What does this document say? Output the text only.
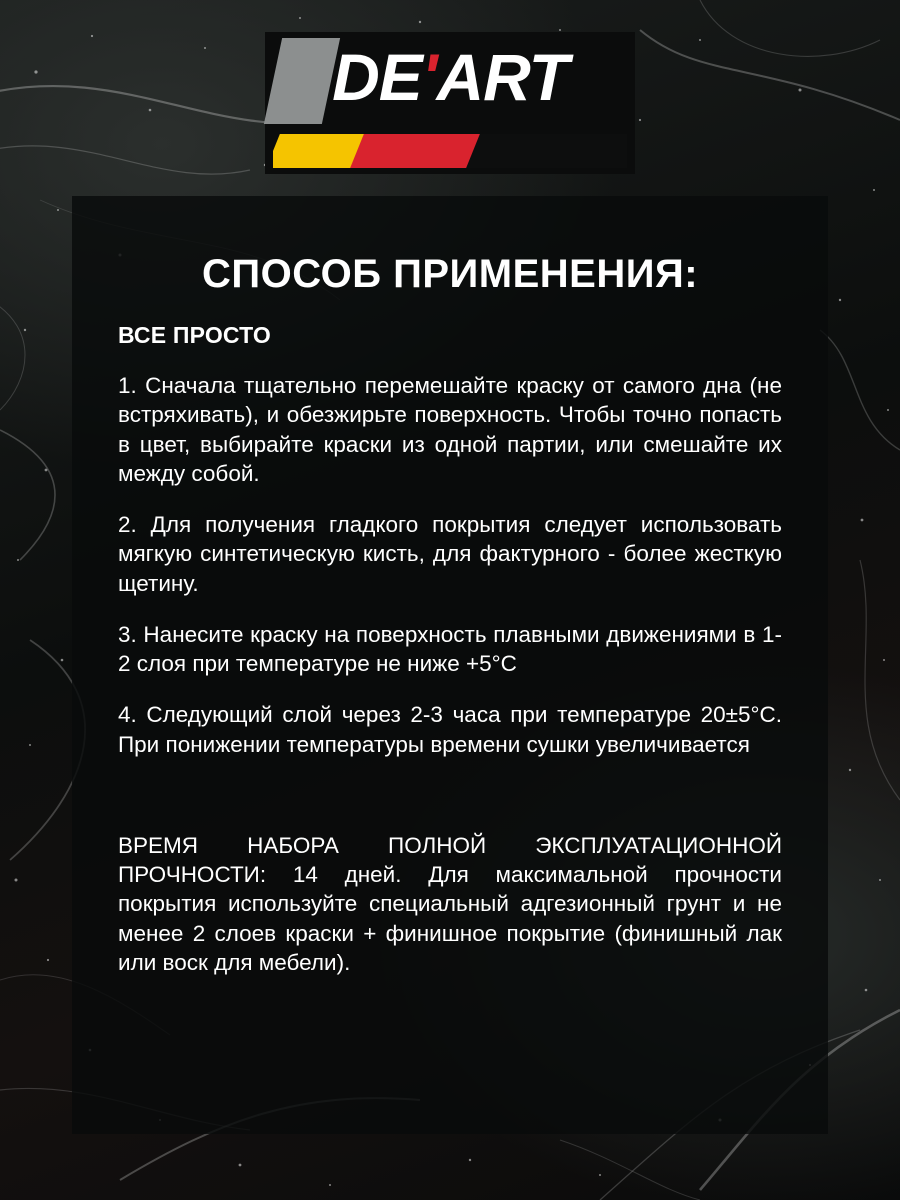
DE'ART
СПОСОБ ПРИМЕНЕНИЯ:
ВСЕ ПРОСТО

1. Сначала тщательно перемешайте краску от самого дна (не встряхивать), и обезжирьте поверхность. Чтобы точно попасть в цвет, выбирайте краски из одной партии, или смешайте их между собой.

2. Для получения гладкого покрытия следует использовать мягкую синтетическую кисть, для фактурного - более жесткую щетину.

3. Нанесите краску на поверхность плавными движениями в 1-2 слоя при температуре не ниже +5°С

4. Следующий слой через 2-3 часа при температуре 20±5°С. При понижении температуры времени сушки увеличивается

ВРЕМЯ НАБОРА ПОЛНОЙ ЭКСПЛУАТАЦИОННОЙ ПРОЧНОСТИ: 14 дней. Для максимальной прочности покрытия используйте специальный адгезионный грунт и не менее 2 слоев краски + финишное покрытие (финишный лак или воск для мебели).
